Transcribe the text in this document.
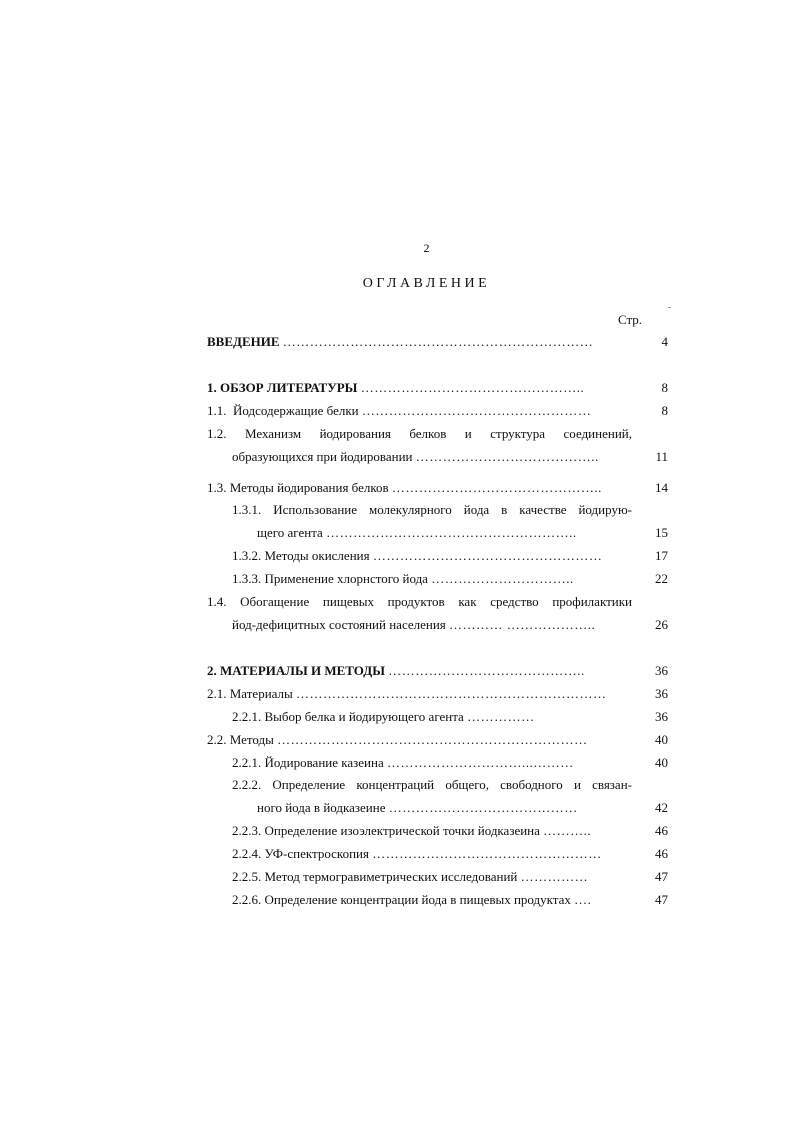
2
ОГЛАВЛЕНИЕ
Стр.
ВВЕДЕНИЕ ……………………………………………………………	4
1. ОБЗОР ЛИТЕРАТУРЫ …………………………………………..	8
1.1.  Йодсодержащие белки ……………………………………………	8
1.2. Механизм йодирования белков и структура соединений,
образующихся при йодировании …………………………………..	11
1.3. Методы йодирования белков ………………………………………..	14
1.3.1. Использование молекулярного йода в качестве йодирую-
щего агента ………………………………………………..	15
1.3.2. Методы окисления ……………………………………………	17
1.3.3. Применение хлорнстого йода …………………………..	22
1.4. Обогащение пищевых продуктов как средство профилактики
йод-дефицитных состояний населения ………… ………………..	26
2. МАТЕРИАЛЫ И МЕТОДЫ ……………………………………..	36
2.1. Материалы ……………………………………………………………	36
2.2.1. Выбор белка и йодирующего агента ……………	36
2.2. Методы ……………………………………………………………	40
2.2.1. Йодирование казеина …………………………...………	40
2.2.2. Определение концентраций общего, свободного и связан-
ного йода в йодказеине ……………………………………	42
2.2.3. Определение изоэлектрической точки йодказеина ………..	46
2.2.4. УФ-спектроскопия ……………………………………………	46
2.2.5. Метод термогравиметрических исследований ……………	47
2.2.6. Определение концентрации йода в пищевых продуктах ….	47
